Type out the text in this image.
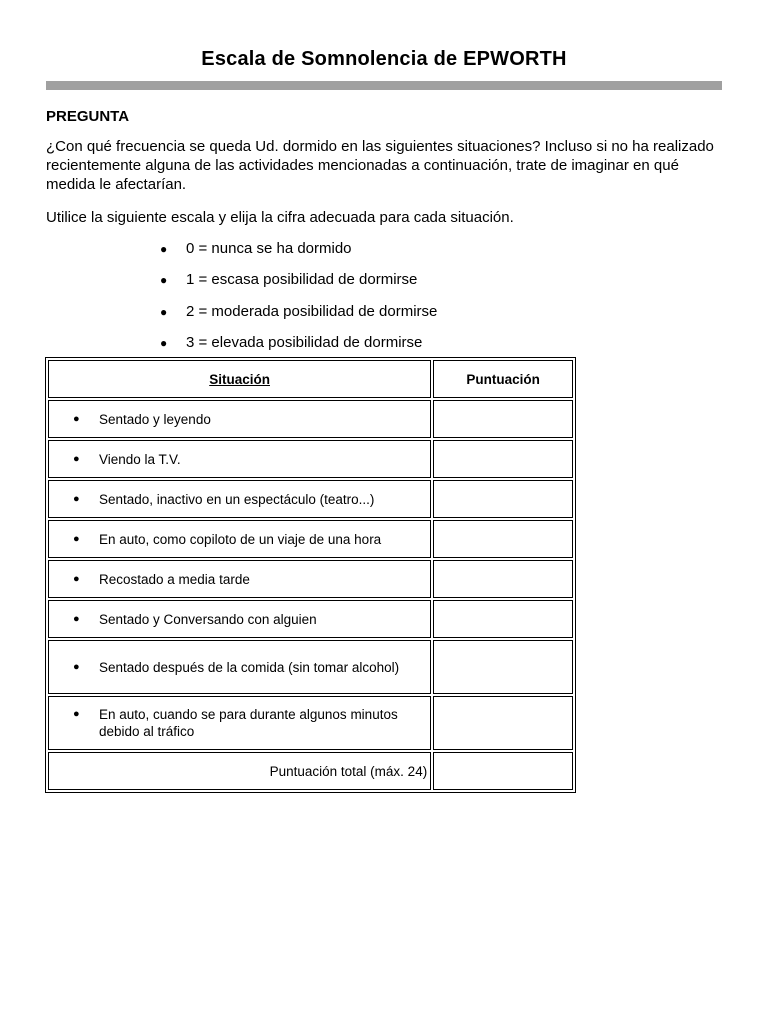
Escala de Somnolencia de EPWORTH
PREGUNTA

¿Con qué frecuencia se queda Ud. dormido en las siguientes situaciones? Incluso si no ha realizado recientemente alguna de las actividades mencionadas a continuación, trate de imaginar en qué medida le afectarían.

Utilice la siguiente escala y elija la cifra adecuada para cada situación.

●	0 = nunca se ha dormido
●	1 = escasa posibilidad de dormirse
●	2 = moderada posibilidad de dormirse
●	3 = elevada posibilidad de dormirse
Situación	Puntuación

● Sentado y leyendo	

● Viendo la T.V.	

● Sentado, inactivo en un espectáculo (teatro...)	

● En auto, como copiloto de un viaje de una hora	

● Recostado a media tarde	

● Sentado y Conversando con alguien	

● Sentado después de la comida (sin tomar alcohol)	

● En auto, cuando se para durante algunos minutos debido al tráfico	

Puntuación total (máx. 24)	
